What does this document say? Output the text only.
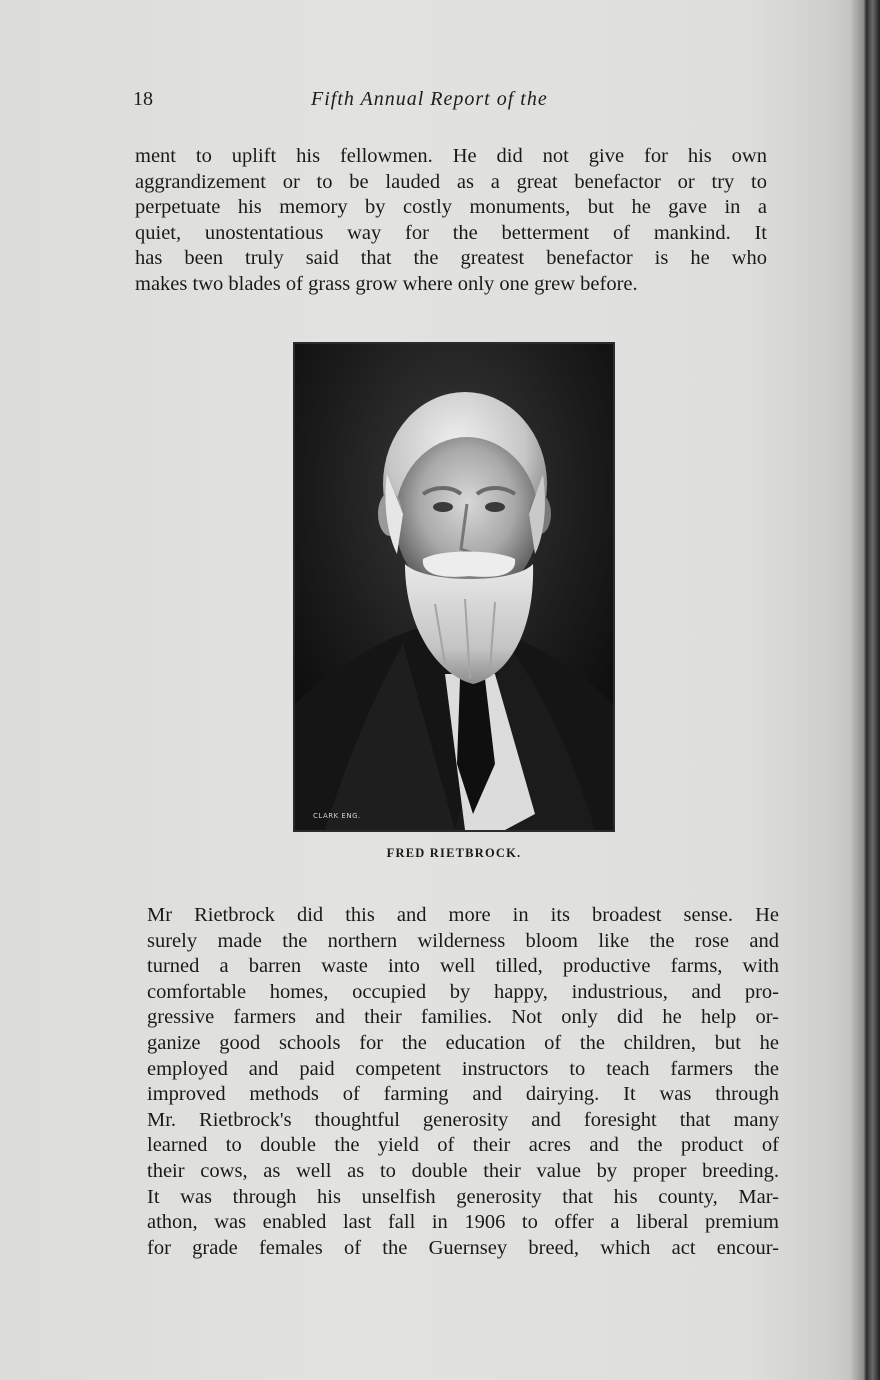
18	Fifth Annual Report of the
ment to uplift his fellowmen. He did not give for his own
aggrandizement or to be lauded as a great benefactor or try to
perpetuate his memory by costly monuments, but he gave in a
quiet, unostentatious way for the betterment of mankind. It
has been truly said that the greatest benefactor is he who
makes two blades of grass grow where only one grew before.
CLARK ENG.
FRED RIETBROCK.
Mr Rietbrock did this and more in its broadest sense. He
surely made the northern wilderness bloom like the rose and
turned a barren waste into well tilled, productive farms, with
comfortable homes, occupied by happy, industrious, and pro-
gressive farmers and their families. Not only did he help or-
ganize good schools for the education of the children, but he
employed and paid competent instructors to teach farmers the
improved methods of farming and dairying. It was through
Mr. Rietbrock's thoughtful generosity and foresight that many
learned to double the yield of their acres and the product of
their cows, as well as to double their value by proper breeding.
It was through his unselfish generosity that his county, Mar-
athon, was enabled last fall in 1906 to offer a liberal premium
for grade females of the Guernsey breed, which act encour-
